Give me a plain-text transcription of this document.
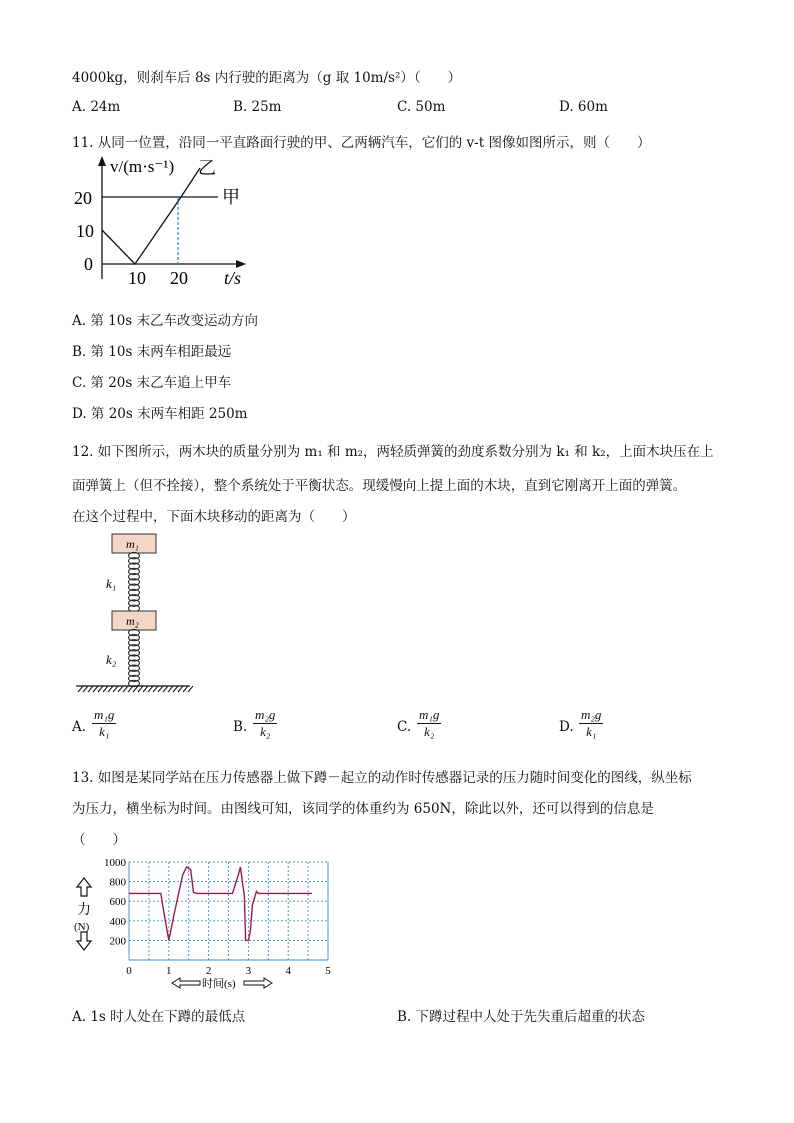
4000kg，则刹车后 8s 内行驶的距离为（g 取 10m/s²）（　　）
A. 24m	B. 25m	C. 50m	D. 60m
11. 从同一位置，沿同一平直路面行驶的甲、乙两辆汽车，它们的 v-t 图像如图所示，则（　　）
v/(m·s⁻¹)
20
10
0
10 20 t/s
甲
乙
A. 第 10s 末乙车改变运动方向
B. 第 10s 末两车相距最远
C. 第 20s 末乙车追上甲车
D. 第 20s 末两车相距 250m
12. 如下图所示，两木块的质量分别为 m₁ 和 m₂，两轻质弹簧的劲度系数分别为 k₁ 和 k₂，上面木块压在上
面弹簧上（但不拴接），整个系统处于平衡状态。现缓慢向上提上面的木块，直到它刚离开上面的弹簧。
在这个过程中，下面木块移动的距离为（　　）
m₁
k₁
m₂
k₂
A. $\frac{\text{m₁g}}{\text{k₁}}$	B. $\frac{\text{m₂g}}{\text{k₂}}$	C. $\frac{\text{m₁g}}{\text{k₂}}$	D. $\frac{\text{m₂g}}{\text{k₁}}$
13. 如图是某同学站在压力传感器上做下蹲－起立的动作时传感器记录的压力随时间变化的图线，纵坐标
为压力，横坐标为时间。由图线可知，该同学的体重约为 650N，除此以外，还可以得到的信息是
（　　）
1000
800
600
400
200
0	1	2	3	4	5
力
(N)
时间(s)
A. 1s 时人处在下蹲的最低点	B. 下蹲过程中人处于先失重后超重的状态
